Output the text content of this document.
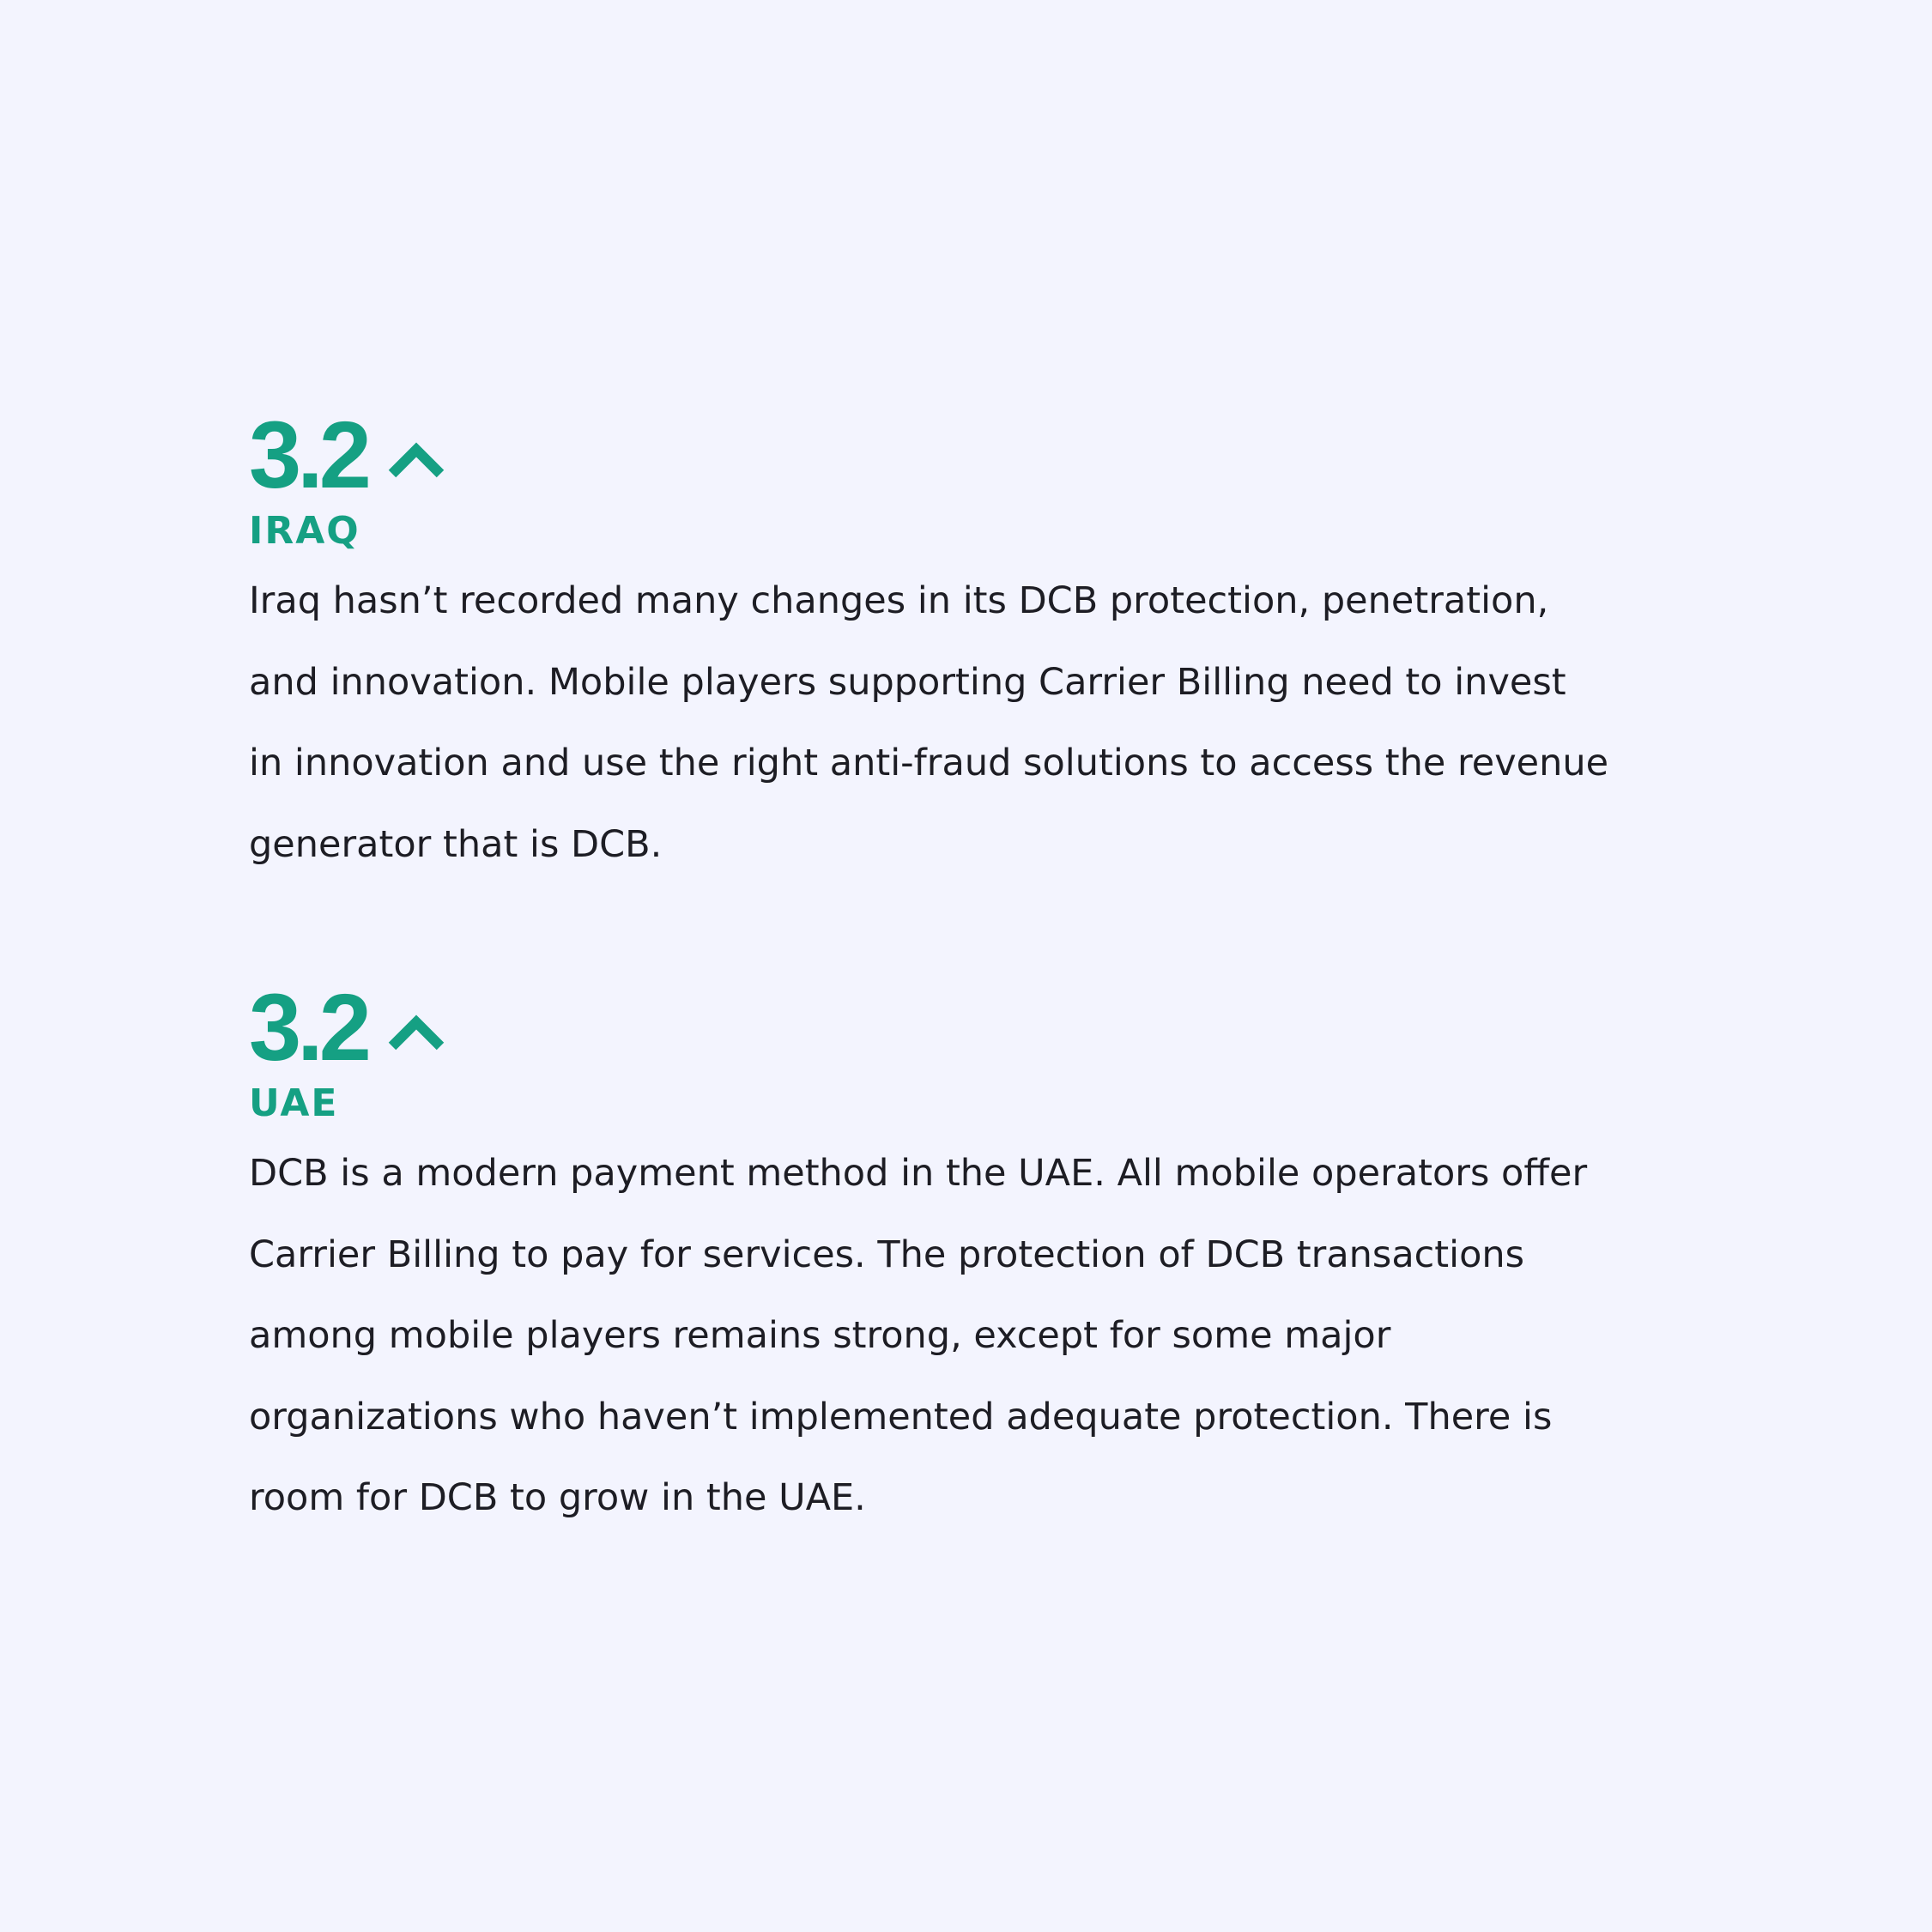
3.2
IRAQ

Iraq hasn’t recorded many changes in its DCB protection, penetration,
and innovation. Mobile players supporting Carrier Billing need to invest
in innovation and use the right anti-fraud solutions to access the revenue
generator that is DCB.

3.2
UAE

DCB is a modern payment method in the UAE. All mobile operators offer
Carrier Billing to pay for services. The protection of DCB transactions
among mobile players remains strong, except for some major
organizations who haven’t implemented adequate protection. There is
room for DCB to grow in the UAE.
